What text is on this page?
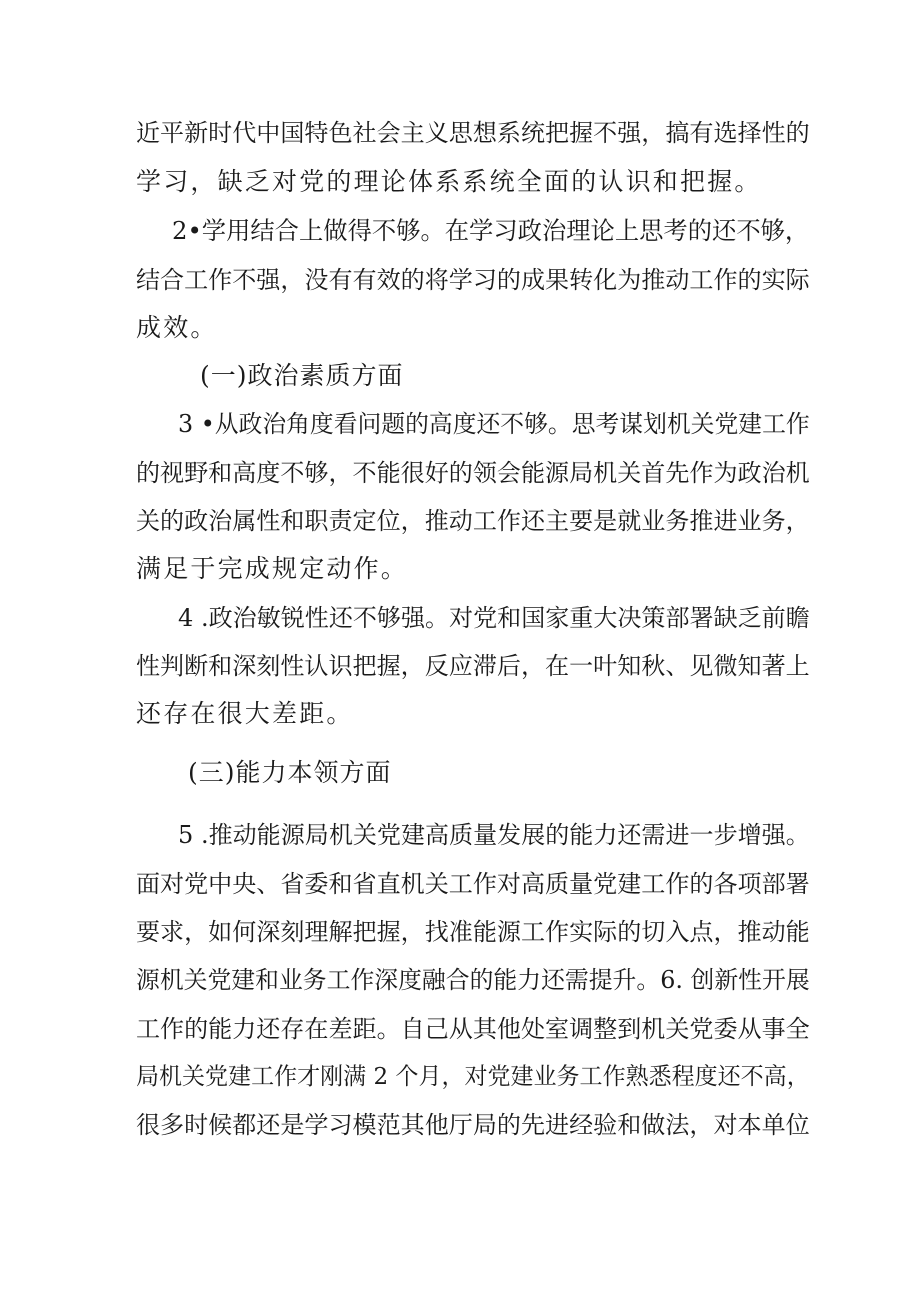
近平新时代中国特色社会主义思想系统把握不强，搞有选择性的
学习，缺乏对党的理论体系系统全面的认识和把握。
2•学用结合上做得不够。在学习政治理论上思考的还不够，
结合工作不强，没有有效的将学习的成果转化为推动工作的实际
成效。
(一)政治素质方面
3 •从政治角度看问题的高度还不够。思考谋划机关党建工作
的视野和高度不够，不能很好的领会能源局机关首先作为政治机
关的政治属性和职责定位，推动工作还主要是就业务推进业务，
满足于完成规定动作。
4 .政治敏锐性还不够强。对党和国家重大决策部署缺乏前瞻
性判断和深刻性认识把握，反应滞后，在一叶知秋、见微知著上
还存在很大差距。
(三)能力本领方面
5 .推动能源局机关党建高质量发展的能力还需进一步增强。
面对党中央、省委和省直机关工作对高质量党建工作的各项部署
要求，如何深刻理解把握，找准能源工作实际的切入点，推动能
源机关党建和业务工作深度融合的能力还需提升。6. 创新性开展
工作的能力还存在差距。自己从其他处室调整到机关党委从事全
局机关党建工作才刚满 2 个月，对党建业务工作熟悉程度还不高，
很多时候都还是学习模范其他厅局的先进经验和做法，对本单位
